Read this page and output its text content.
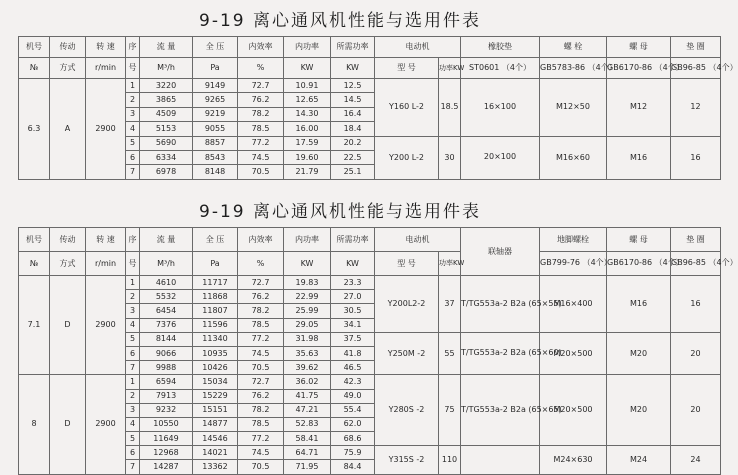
9-19 离心通风机性能与选用件表
机号	传动	转 速	序	流 量	全 压	内效率	内功率	所需功率	电动机		橡胶垫	螺 栓	螺 母	垫 圈
№	方式	r/min	号	M³/h	Pa	%	KW	KW	型 号	功率KW	ST0601 （4个）	GB5783-86 （4个）	GB6170-86 （4个）	GB96-85 （4个）
6.3	A	2900	1	3220	9149	72.7	10.91	12.5	Y160 L-2	18.5	16×100	M12×50	M12	12
			2	3865	9265	76.2	12.65	14.5						
			3	4509	9219	78.2	14.30	16.4						
			4	5153	9055	78.5	16.00	18.4						
			5	5690	8857	77.2	17.59	20.2	Y200 L-2	30	20×100	M16×60	M16	16
			6	6334	8543	74.5	19.60	22.5						
			7	6978	8148	70.5	21.79	25.1						
9-19 离心通风机性能与选用件表
机号	传动	转 速	序	流 量	全 压	内效率	内功率	所需功率	电动机		联轴器	地脚螺栓	螺 母	垫 圈
№	方式	r/min	号	M³/h	Pa	%	KW	KW	型 号	功率KW		GB799-76 （4个）	GB6170-86 （4个）	GB96-85 （4个）
7.1	D	2900	1	4610	11717	72.7	19.83	23.3	Y200L2-2	37	T/TG553a-2 B2a (65×55)	M16×400	M16	16
			2	5532	11868	76.2	22.99	27.0						
			3	6454	11807	78.2	25.99	30.5						
			4	7376	11596	78.5	29.05	34.1						
			5	8144	11340	77.2	31.98	37.5	Y250M -2	55	T/TG553a-2 B2a (65×60)	M20×500	M20	20
			6	9066	10935	74.5	35.63	41.8						
			7	9988	10426	70.5	39.62	46.5						
8	D	2900	1	6594	15034	72.7	36.02	42.3	Y280S -2	75	T/TG553a-2 B2a (65×65)	M20×500	M20	20
			2	7913	15229	76.2	41.75	49.0						
			3	9232	15151	78.2	47.21	55.4						
			4	10550	14877	78.5	52.83	62.0						
			5	11649	14546	77.2	58.41	68.6						
			6	12968	14021	74.5	64.71	75.9	Y315S -2	110		M24×630	M24	24
			7	14287	13362	70.5	71.95	84.4						
